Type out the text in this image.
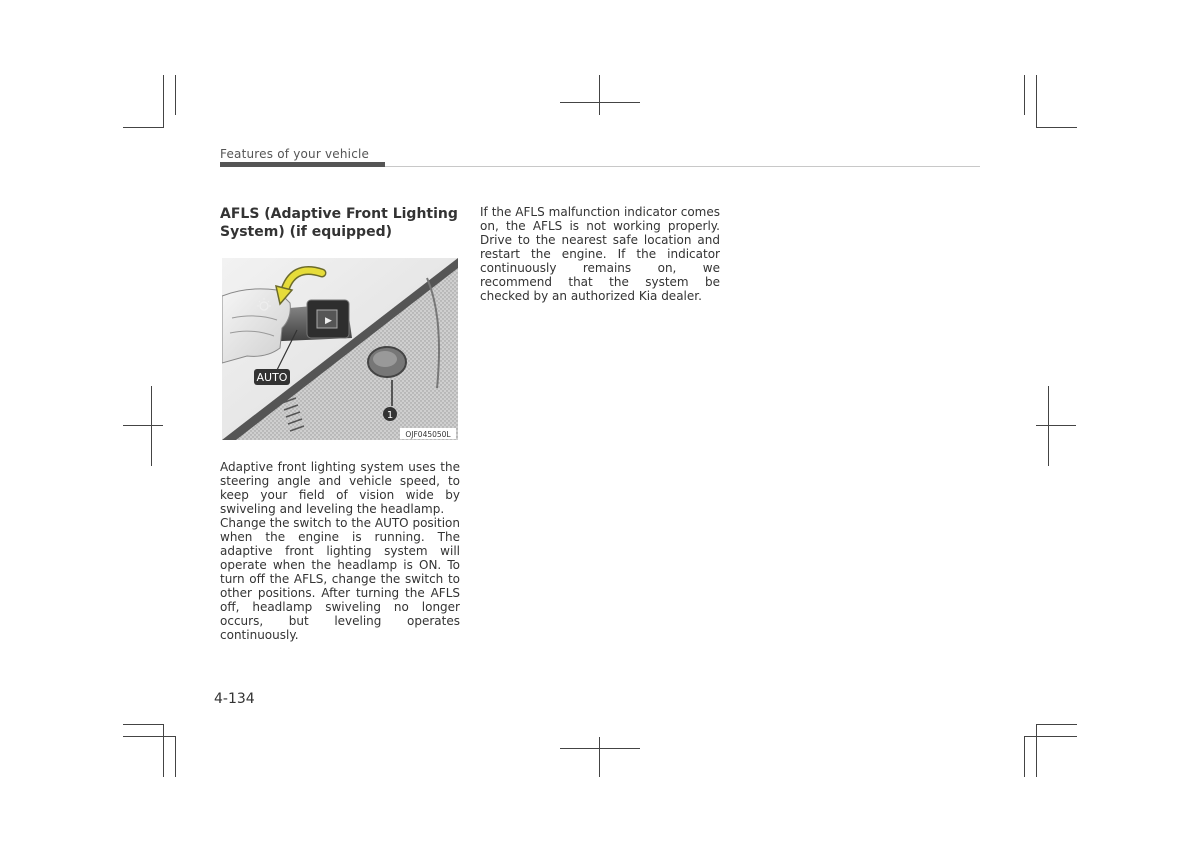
Features of your vehicle
AFLS (Adaptive Front Lighting System) (if equipped)
▶
AUTO
1
OJF045050L

Adaptive front lighting system uses the steering angle and vehicle speed, to keep your field of vision wide by swiveling and leveling the headlamp.

Change the switch to the AUTO position when the engine is running. The adaptive front lighting system will operate when the headlamp is ON. To turn off the AFLS, change the switch to other positions. After turning the AFLS off, headlamp swiveling no longer occurs, but leveling operates continuously.

If the AFLS malfunction indicator comes on, the AFLS is not working properly. Drive to the nearest safe location and restart the engine. If the indicator continuously remains on, we recommend that the system be checked by an authorized Kia dealer.

4-134
